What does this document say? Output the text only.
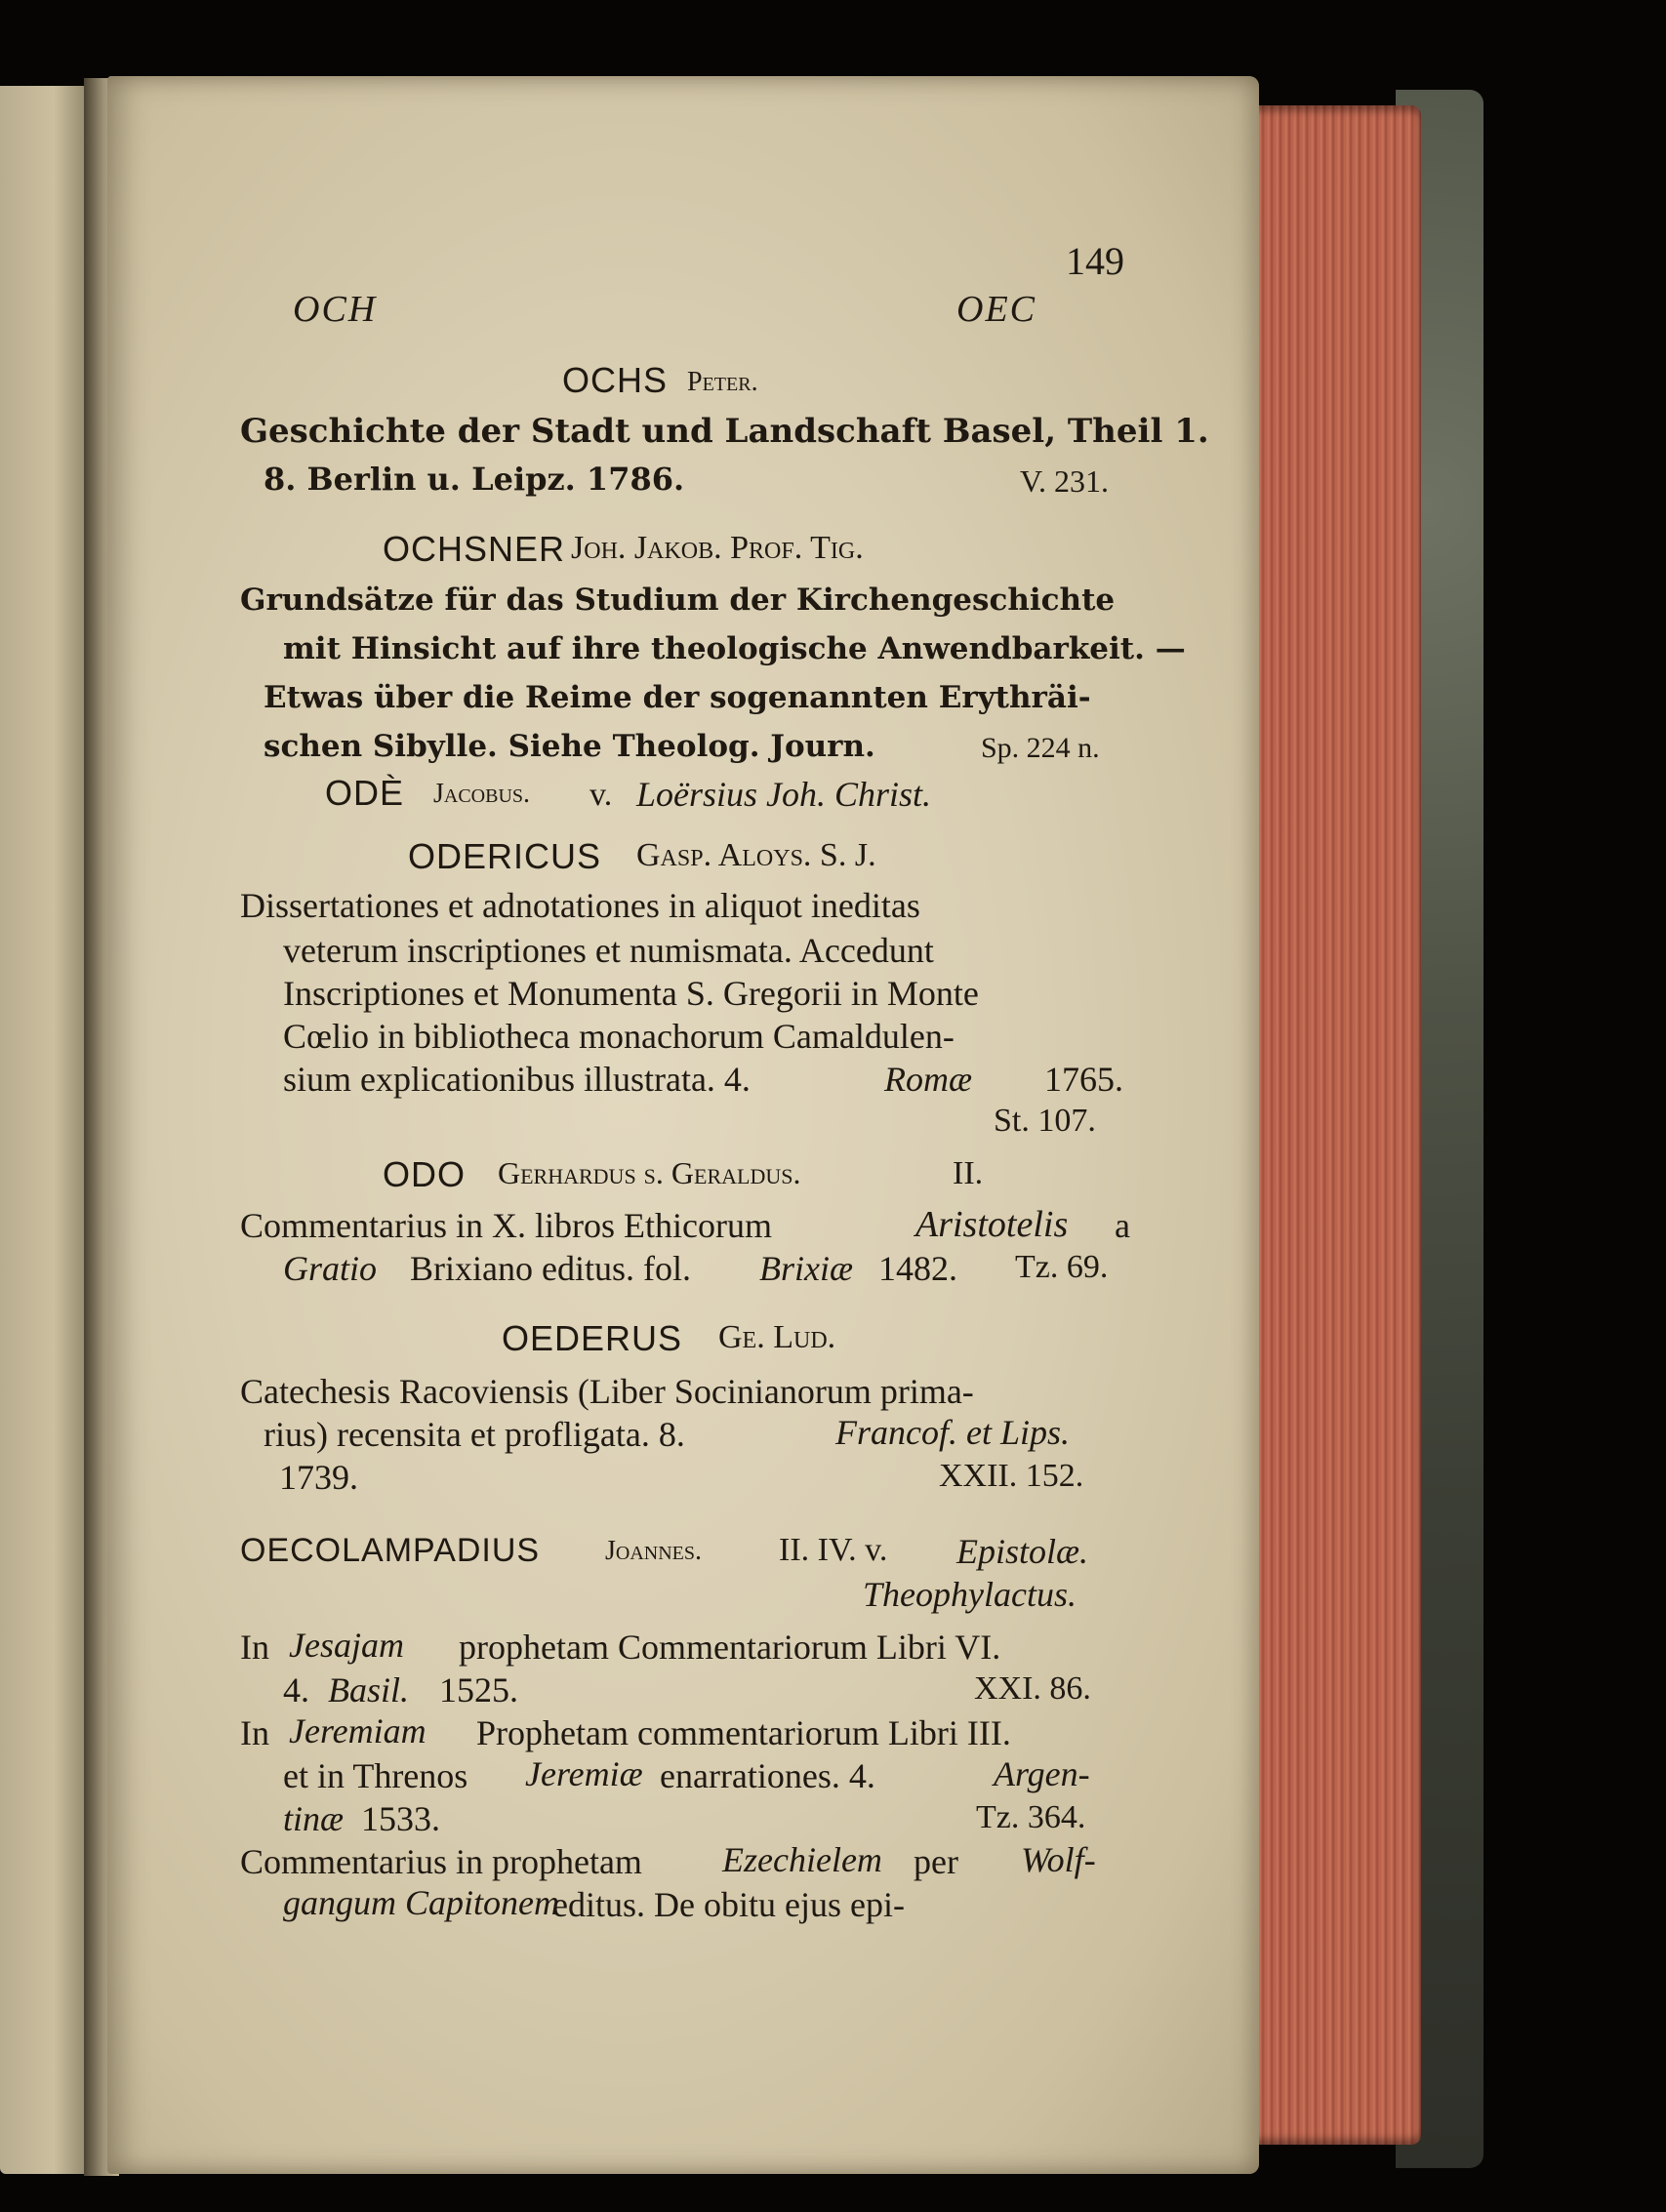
149
OCH	OEC
OCHS Peter.
Geschichte der Stadt und Landschaft Basel, Theil 1.
8. Berlin u. Leipz. 1786.	V. 231.
OCHSNER Joh. Jakob. Prof. Tig.
Grundsätze für das Studium der Kirchengeschichte
mit Hinsicht auf ihre theologische Anwendbarkeit. —
Etwas über die Reime der sogenannten Erythräi-
schen Sibylle. Siehe Theolog. Journ.	Sp. 224 n.
ODÈ Jacobus. v. Loërsius Joh. Christ.
ODERICUS Gasp. Aloys. S. J.
Dissertationes et adnotationes in aliquot ineditas
veterum inscriptiones et numismata. Accedunt
Inscriptiones et Monumenta S. Gregorii in Monte
Cœlio in bibliotheca monachorum Camaldulen-
sium explicationibus illustrata. 4.	Romæ 1765.
St. 107.
ODO Gerhardus s. Geraldus.	II.
Commentarius in X. libros Ethicorum	Aristotelis a
Gratio Brixiano editus. fol. Brixiæ 1482. Tz. 69.
OEDERUS Ge. Lud.
Catechesis Racoviensis (Liber Socinianorum prima-
rius) recensita et profligata. 8.	Francof. et Lips.
1739.	XXII. 152.
OECOLAMPADIUS Joannes. II. IV. v. Epistolæ.
Theophylactus.
In Jesajam prophetam Commentariorum Libri VI.
4. Basil. 1525.	XXI. 86.
In Jeremiam Prophetam commentariorum Libri III.
et in Threnos Jeremiæ enarrationes. 4.	Argen-
tinæ 1533.	Tz. 364.
Commentarius in prophetam Ezechielem per Wolf-
gangum Capitonem
editus. De obitu ejus epi-
